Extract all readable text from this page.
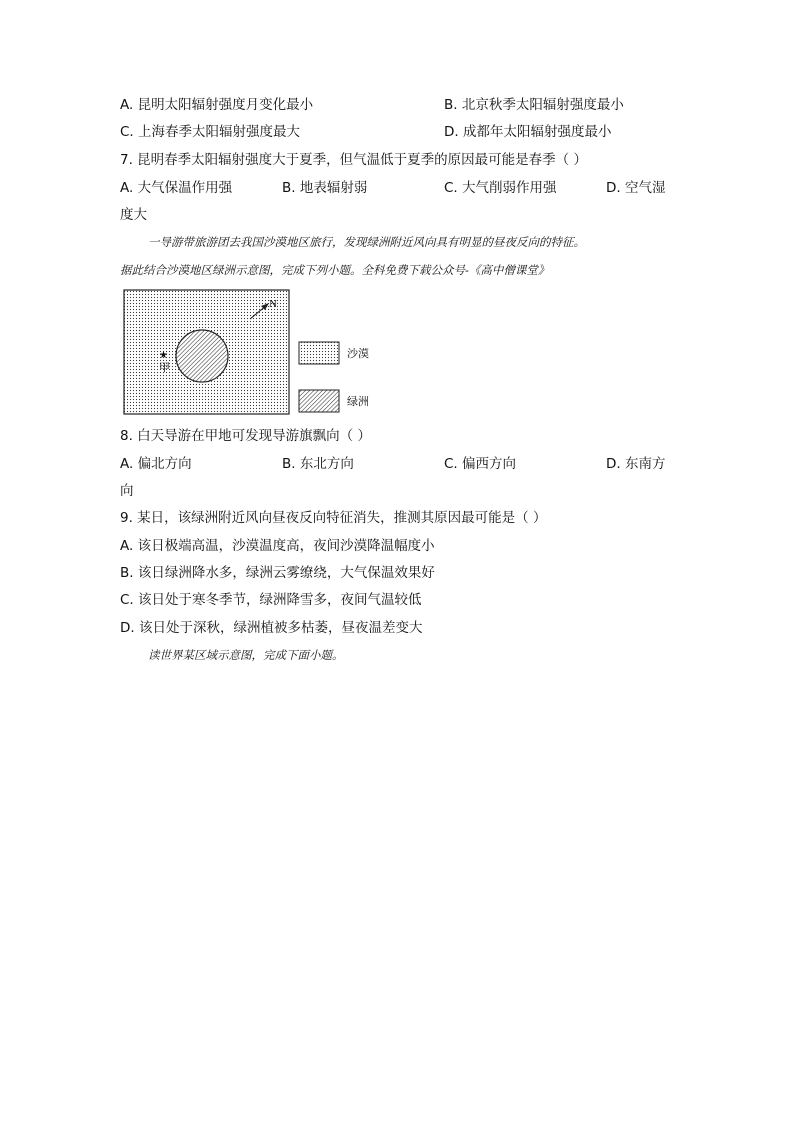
A. 昆明太阳辐射强度月变化最小	B. 北京秋季太阳辐射强度最小
C. 上海春季太阳辐射强度最大	D. 成都年太阳辐射强度最小
7. 昆明春季太阳辐射强度大于夏季，但气温低于夏季的原因最可能是春季（ ）
A. 大气保温作用强	B. 地表辐射弱	C. 大气削弱作用强	D. 空气湿
度大
一导游带旅游团去我国沙漠地区旅行，发现绿洲附近风向具有明显的昼夜反向的特征。
据此结合沙漠地区绿洲示意图，完成下列小题。全科免费下载公众号-《高中僧课堂》
N
★
甲
沙漠
绿洲
8. 白天导游在甲地可发现导游旗飘向（ ）
A. 偏北方向	B. 东北方向	C. 偏西方向	D. 东南方
向
9. 某日，该绿洲附近风向昼夜反向特征消失，推测其原因最可能是（ ）
A. 该日极端高温，沙漠温度高，夜间沙漠降温幅度小
B. 该日绿洲降水多，绿洲云雾缭绕，大气保温效果好
C. 该日处于寒冬季节，绿洲降雪多，夜间气温较低
D. 该日处于深秋，绿洲植被多枯萎，昼夜温差变大
读世界某区域示意图，完成下面小题。
